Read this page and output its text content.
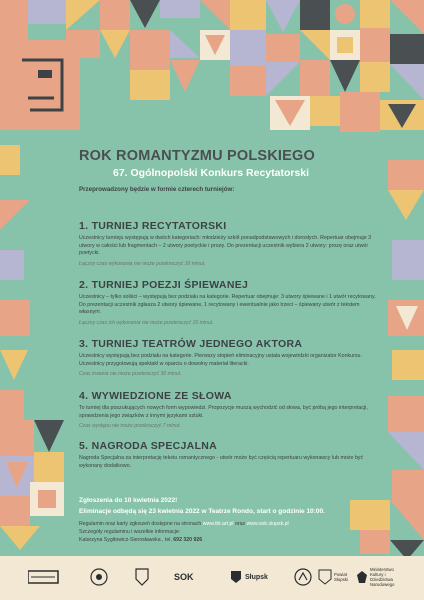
ROK ROMANTYZMU POLSKIEGO
67. Ogólnopolski Konkurs Recytatorski
Przeprowadzony będzie w formie czterech turniejów:
1. TURNIEJ RECYTATORSKI

Uczestnicy turnieju występują w dwóch kategoriach: młodzieży szkół ponadpodstawowych i dorosłych. Repertuar obejmuje 3 utwory w całości lub fragmentach – 2 utwory poetyckie i prozę. Do prezentacji uczestnik wybiera 2 utwory: prozę oraz utwór poetycki.

Łączny czas wykonania nie może przekroczyć 10 minut.

2. TURNIEJ POEZJI ŚPIEWANEJ

Uczestnicy – tylko soliści – występują bez podziału na kategorie. Repertuar obejmuje: 3 utwory śpiewane i 1 utwór recytowany. Do prezentacji uczestnik zgłasza 2 utwory śpiewane, 1 recytowany i ewentualnie jako trzeci – śpiewany utwór z tekstem własnym.

Łączny czas ich wykonania nie może przekroczyć 10 minut.

3. TURNIEJ TEATRÓW JEDNEGO AKTORA

Uczestnicy występują bez podziału na kategorie. Pierwszy stopień eliminacyjny ustala wojewódzki organizator Konkursu. Uczestnicy przygotowują spektakl w oparciu o dowolny materiał literacki.

Czas trwania nie może przekroczyć 30 minut.

4. WYWIEDZIONE ZE SŁOWA

To turniej dla poszukujących nowych form wypowiedzi. Propozycje muszą wychodzić od słowa, być próbą jego interpretacji, sprawdzenia jego związków z innymi językami sztuki.

Czas występu nie może przekroczyć 7 minut.

5. NAGRODA SPECJALNA

Nagroda Specjalna za interpretację tekstu romantycznego - utwór może być częścią repertuaru wykonawcy lub może być wykonany dodatkowo.

Zgłoszenia do 10 kwietnia 2022!
Eliminacje odbędą się 23 kwietnia 2022 w Teatrze Rondo, start o godzinie 10:00.
Regulamin oraz karty zgłoszeń dostępne na stronach www.tkt.art.pl oraz www.sok.slupsk.pl
Szczegóły regulaminu i wszelkie informacje:
Katarzyna Sygitowicz-Sierosławska , tel. 692 320 926
SOK	Słupsk	Powiat Słupski
Ministerstwo Kultury i Dziedzictwa Narodowego
